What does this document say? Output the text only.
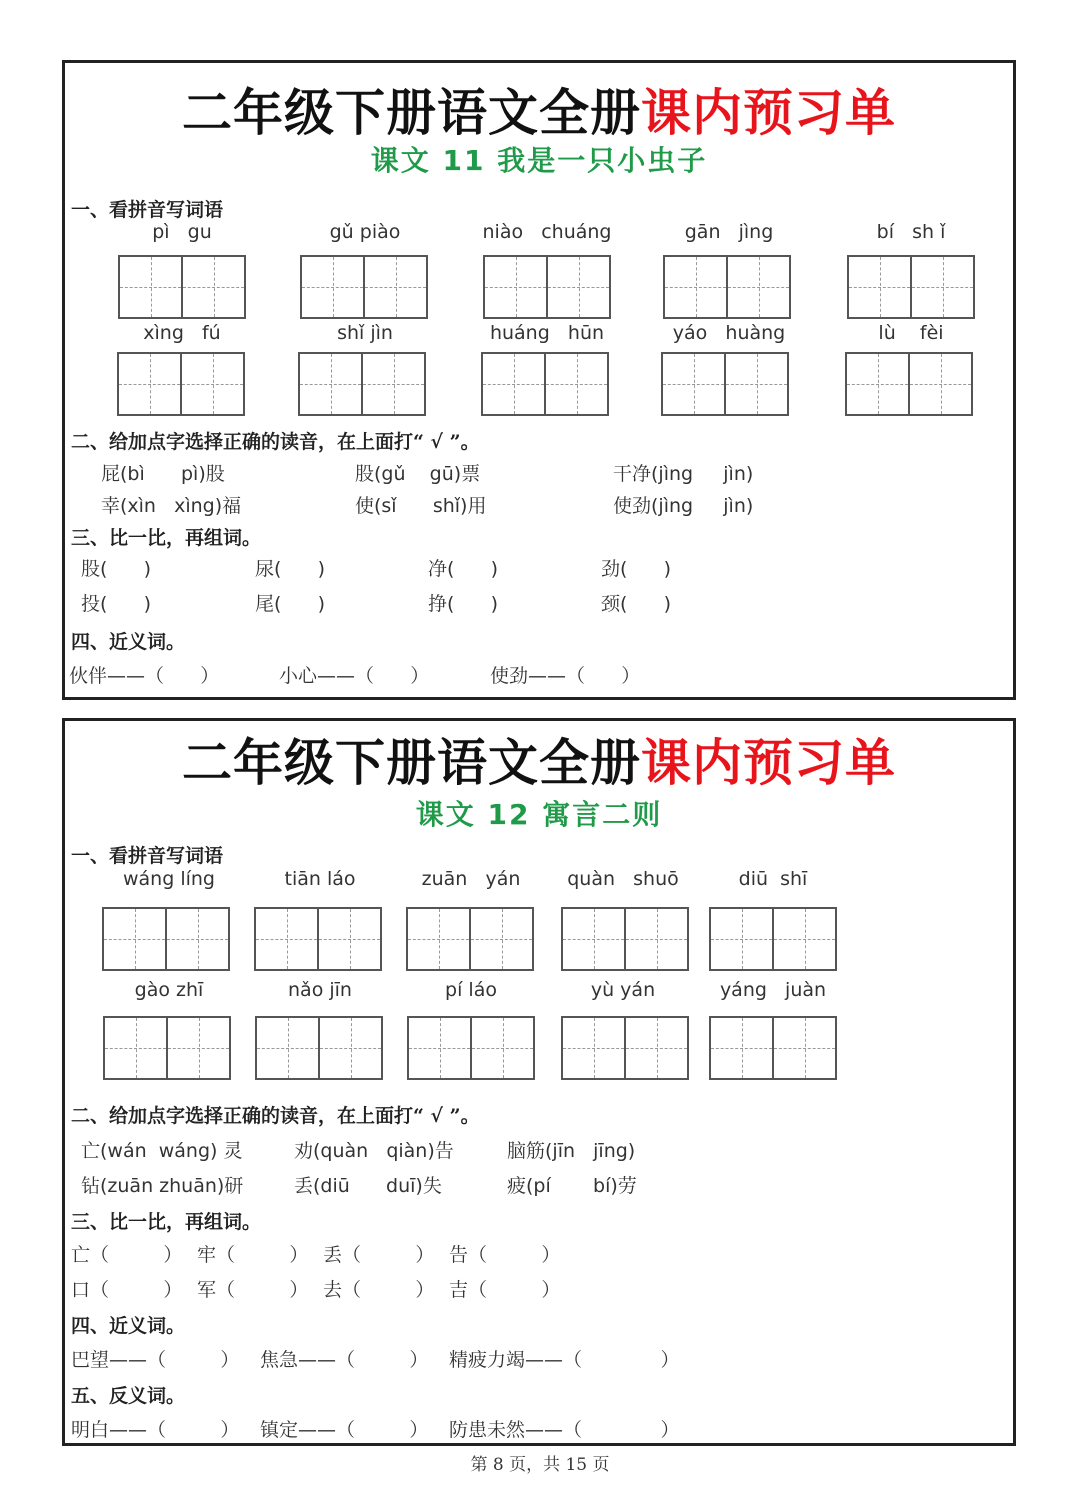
二年级下册语文全册课内预习单
课文 11 我是一只小虫子
一、看拼音写词语
pì   gu	gǔ piào	niào   chuáng	gān   jìng	bí   sh ǐ
xìng   fú	shǐ jìn	huáng   hūn	yáo   huàng	lù    fèi
二、给加点字选择正确的读音，在上面打“ √ ”。
屁(bì      pì)股	股(gǔ    gū)票	干净(jìng     jìn)
幸(xìn   xìng)福	使(sǐ      shǐ)用	使劲(jìng     jìn)
三、比一比，再组词。
股(      )	尿(      )	净(      )	劲(      )
投(      )	尾(      )	挣(      )	颈(      )
四、近义词。
伙伴——（      ）	小心——（      ）	使劲——（      ）
二年级下册语文全册课内预习单
课文 12 寓言二则
一、看拼音写词语
wáng líng	tiān láo	zuān   yán	quàn   shuō	diū  shī
gào zhī	nǎo jīn	pí láo	yù yán	yáng   juàn
二、给加点字选择正确的读音，在上面打“ √ ”。
亡(wán  wáng) 灵	劝(quàn   qiàn)告	脑筋(jīn   jīng)
钻(zuān zhuān)研	丢(diū      duī)失	疲(pí       bí)劳
三、比一比，再组词。
亡（         ） 牢（         ） 丢（         ） 告（         ）
口（         ） 军（         ） 去（         ） 吉（         ）
四、近义词。
巴望——（         ） 焦急——（         ） 精疲力竭——（             ）
五、反义词。
明白——（         ） 镇定——（         ） 防患未然——（             ）
第 8 页，共 15 页
